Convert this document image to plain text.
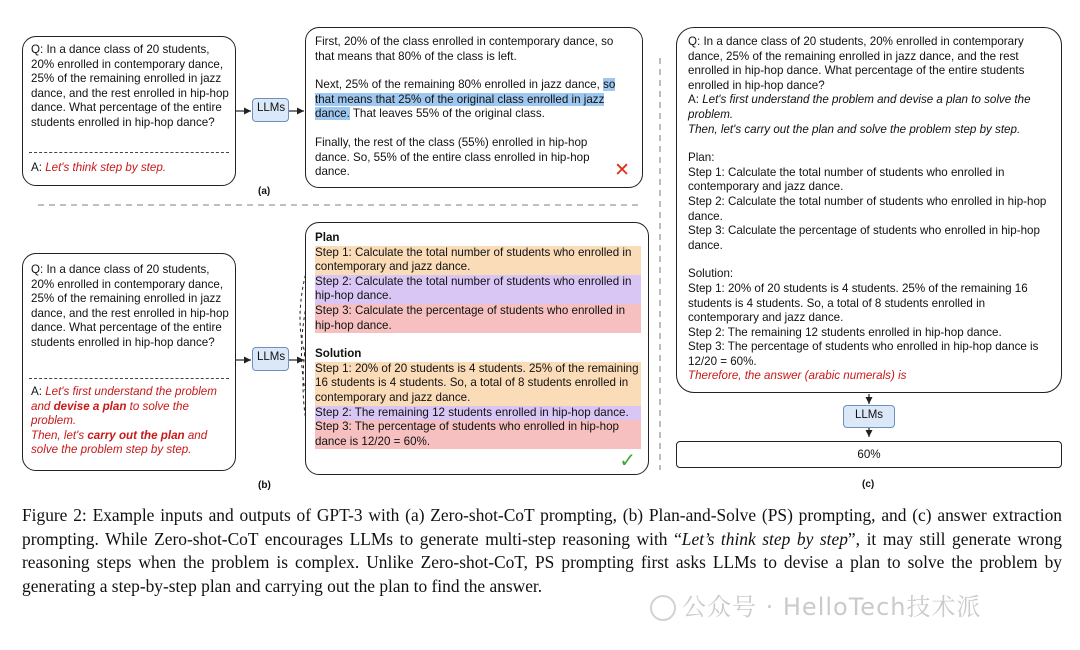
Q: In a dance class of 20 students, 20% enrolled in contemporary dance, 25% of the remaining enrolled in jazz dance, and the rest enrolled in hip-hop dance. What percentage of the entire students enrolled in hip-hop dance?
A: Let's think step by step.
LLMs

First, 20% of the class enrolled in contemporary dance, so that means that 80% of the class is left.

Next, 25% of the remaining 80% enrolled in jazz dance, so that means that 25% of the original class enrolled in jazz dance. That leaves 55% of the original class.

Finally, the rest of the class (55%) enrolled in hip-hop dance. So, 55% of the entire class enrolled in hip-hop dance.	✕
(a)
Q: In a dance class of 20 students, 20% enrolled in contemporary dance, 25% of the remaining enrolled in jazz dance, and the rest enrolled in hip-hop dance. What percentage of the entire students enrolled in hip-hop dance?
A: Let's first understand the problem and devise a plan to solve the problem.
Then, let's carry out the plan and solve the problem step by step.
LLMs
Plan
Step 1: Calculate the total number of students who enrolled in contemporary and jazz dance.
Step 2: Calculate the total number of students who enrolled in hip-hop dance.
Step 3: Calculate the percentage of students who enrolled in hip-hop dance.
Solution
Step 1: 20% of 20 students is 4 students. 25% of the remaining 16 students is 4 students. So, a total of 8 students enrolled in contemporary and jazz dance.
Step 2: The remaining 12 students enrolled in hip-hop dance.
Step 3: The percentage of students who enrolled in hip-hop dance is 12/20 = 60%.
✓
(b)
Q: In a dance class of 20 students, 20% enrolled in contemporary dance, 25% of the remaining enrolled in jazz dance, and the rest enrolled in hip-hop dance. What percentage of the entire students enrolled in hip-hop dance?
A: Let's first understand the problem and devise a plan to solve the problem.
Then, let's carry out the plan and solve the problem step by step.
Plan:
Step 1: Calculate the total number of students who enrolled in contemporary and jazz dance.
Step 2: Calculate the total number of students who enrolled in hip-hop dance.
Step 3: Calculate the percentage of students who enrolled in hip-hop dance.
Solution:
Step 1: 20% of 20 students is 4 students. 25% of the remaining 16 students is 4 students. So, a total of 8 students enrolled in contemporary and jazz dance.
Step 2: The remaining 12 students enrolled in hip-hop dance.
Step 3: The percentage of students who enrolled in hip-hop dance is 12/20 = 60%.
Therefore, the answer (arabic numerals) is
LLMs
60%
(c)
Figure 2: Example inputs and outputs of GPT-3 with (a) Zero-shot-CoT prompting, (b) Plan-and-Solve (PS) prompting, and (c) answer extraction prompting. While Zero-shot-CoT encourages LLMs to generate multi-step reasoning with “Let’s think step by step”, it may still generate wrong reasoning steps when the problem is complex. Unlike Zero-shot-CoT, PS prompting first asks LLMs to devise a plan to solve the problem by generating a step-by-step plan and carrying out the plan to find the answer.
公众号 · HelloTech技术派
